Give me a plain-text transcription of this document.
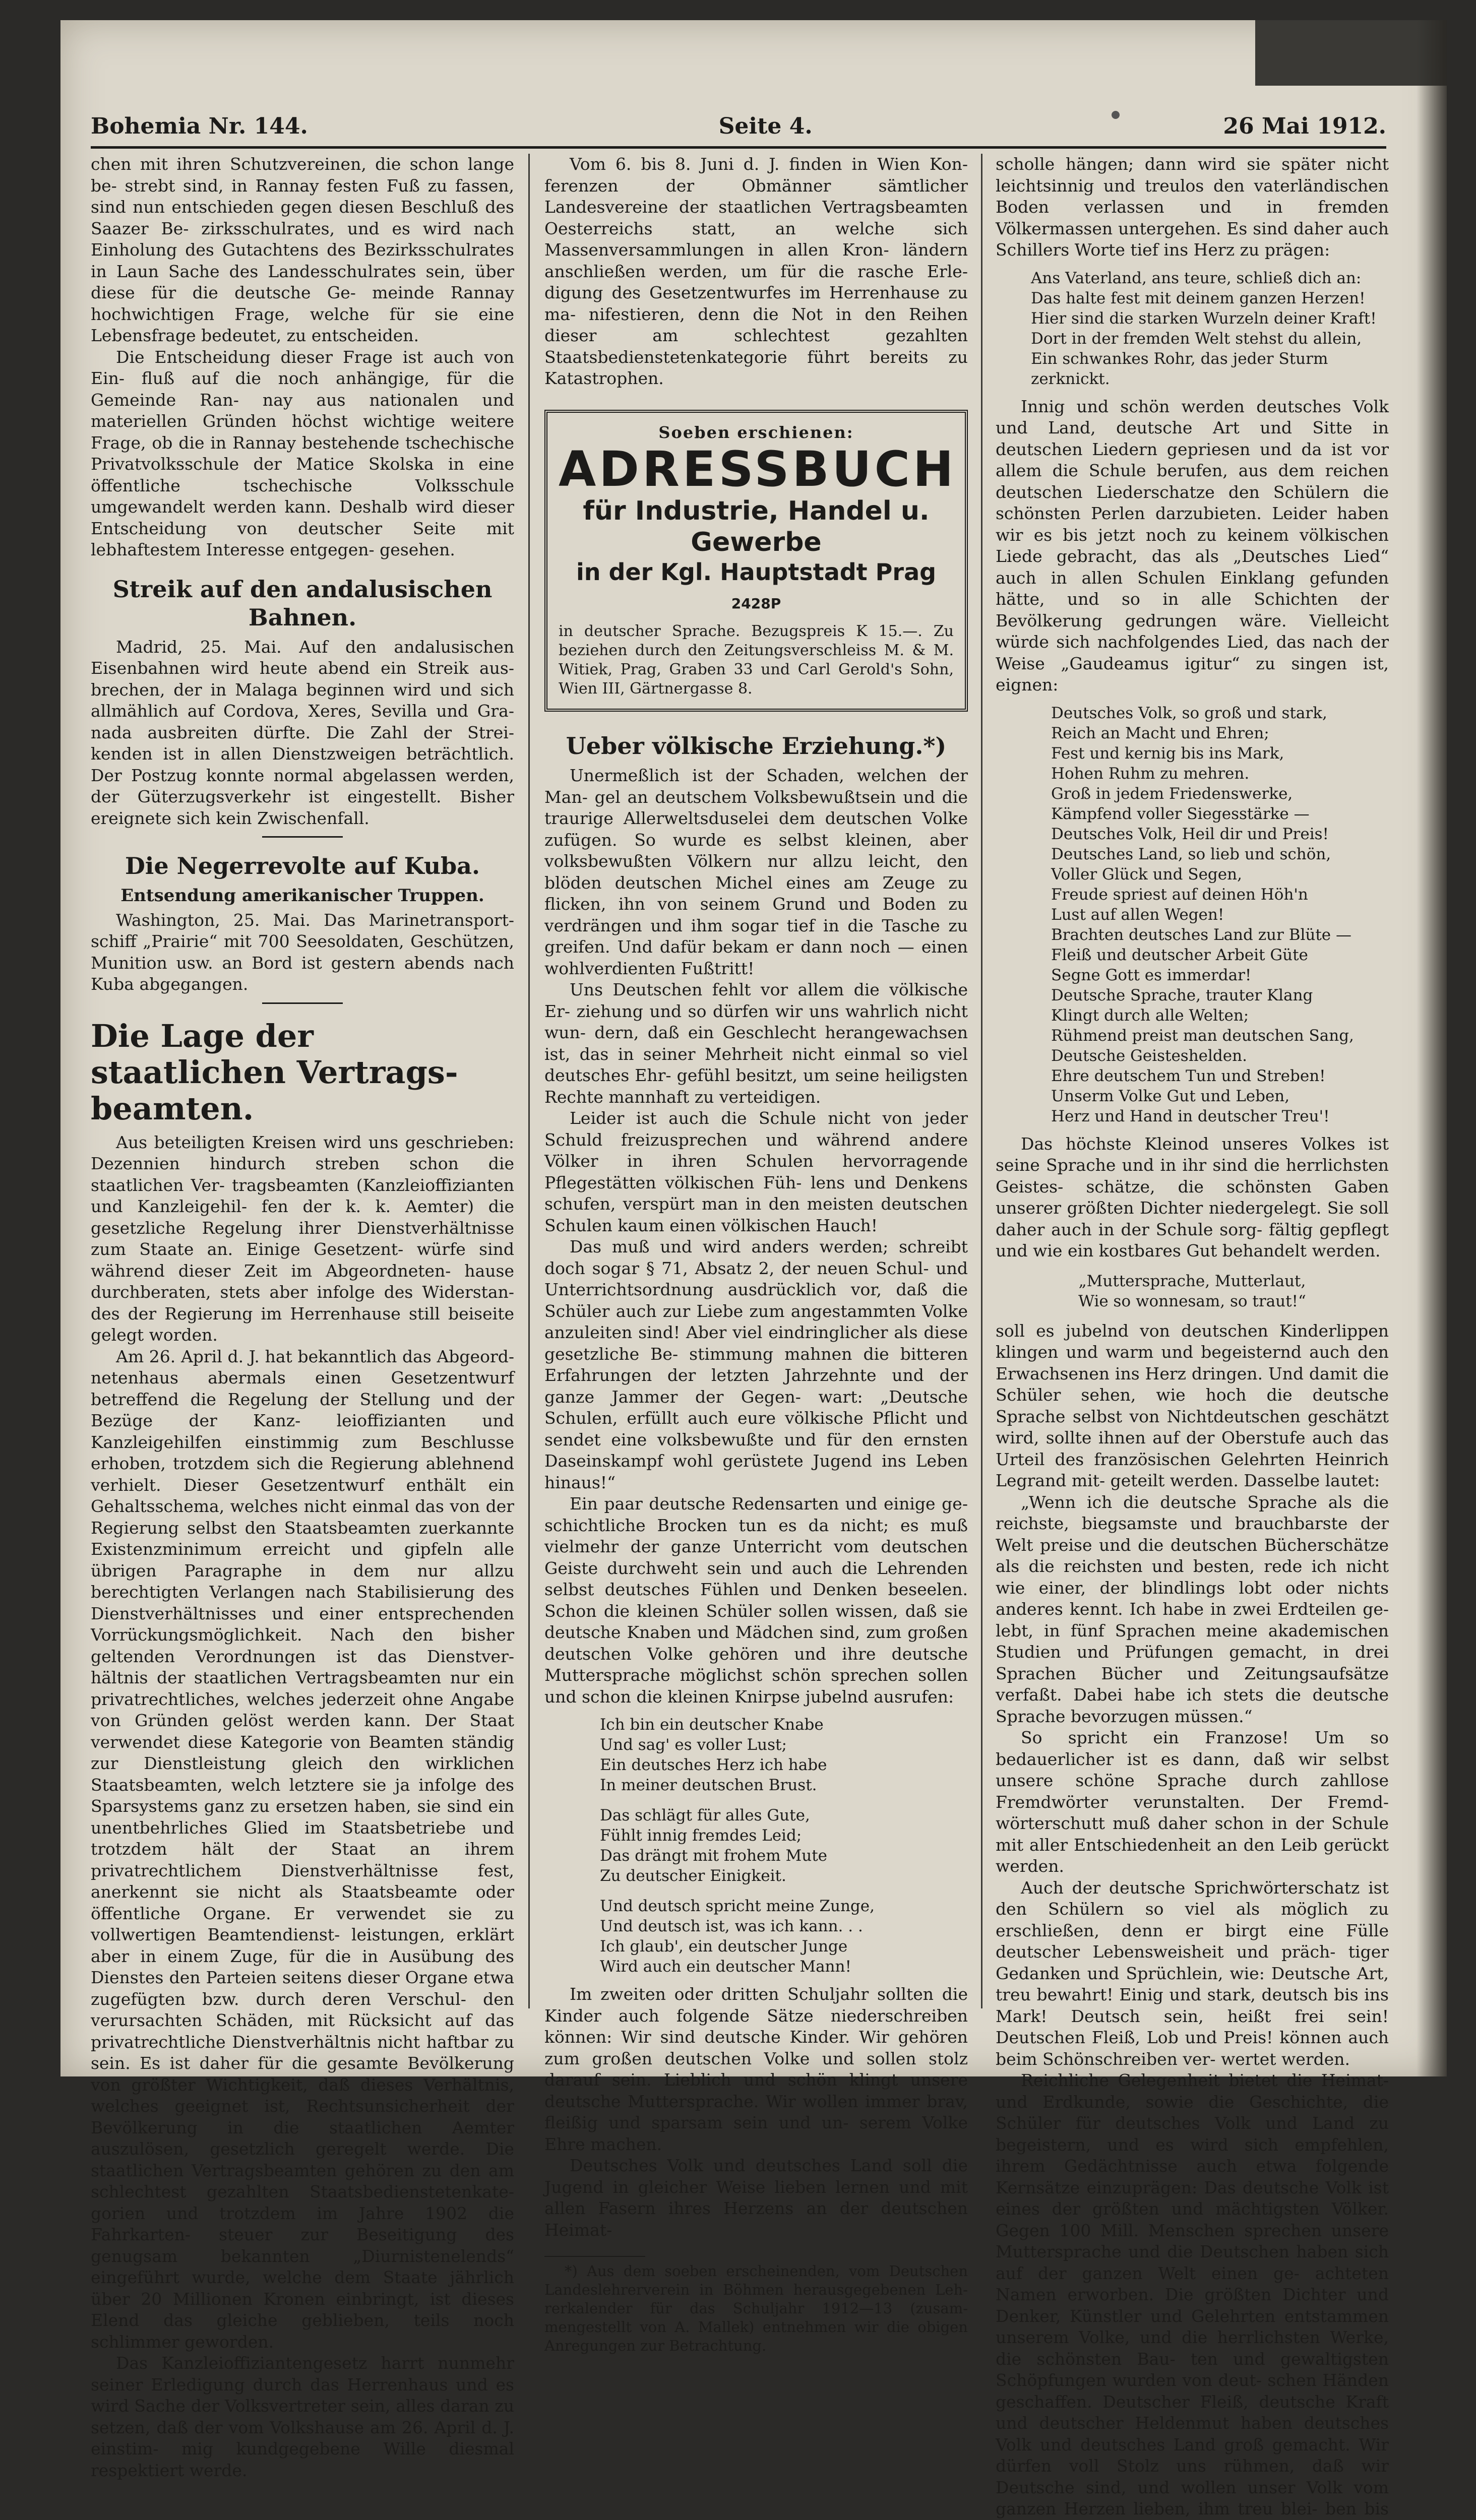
Bohemia Nr. 144.	Seite 4.	26 Mai 1912.

chen mit ihren Schutzvereinen, die schon lange be- strebt sind, in Rannay festen Fuß zu fassen, sind nun entschieden gegen diesen Beschluß des Saazer Be- zirksschulrates, und es wird nach Einholung des Gutachtens des Bezirksschulrates in Laun Sache des Landesschulrates sein, über diese für die deutsche Ge- meinde Rannay hochwichtigen Frage, welche für sie eine Lebensfrage bedeutet, zu entscheiden.

Die Entscheidung dieser Frage ist auch von Ein- fluß auf die noch anhängige, für die Gemeinde Ran- nay aus nationalen und materiellen Gründen höchst wichtige weitere Frage, ob die in Rannay bestehende tschechische Privatvolksschule der Matice Skolska in eine öffentliche tschechische Volksschule umgewandelt werden kann. Deshalb wird dieser Entscheidung von deutscher Seite mit lebhaftestem Interesse entgegen- gesehen.

Streik auf den andalusischen Bahnen.

Madrid, 25. Mai. Auf den andalusischen Eisenbahnen wird heute abend ein Streik aus- brechen, der in Malaga beginnen wird und sich allmählich auf Cordova, Xeres, Sevilla und Gra- nada ausbreiten dürfte. Die Zahl der Strei- kenden ist in allen Dienstzweigen beträchtlich. Der Postzug konnte normal abgelassen werden, der Güterzugsverkehr ist eingestellt. Bisher ereignete sich kein Zwischenfall.

Die Negerrevolte auf Kuba.
Entsendung amerikanischer Truppen.

Washington, 25. Mai. Das Marinetransport- schiff „Prairie“ mit 700 Seesoldaten, Geschützen, Munition usw. an Bord ist gestern abends nach Kuba abgegangen.

Die Lage der staatlichen Vertrags- beamten.

Aus beteiligten Kreisen wird uns geschrieben: Dezennien hindurch streben schon die staatlichen Ver- tragsbeamten (Kanzleioffizianten und Kanzleigehil- fen der k. k. Aemter) die gesetzliche Regelung ihrer Dienstverhältnisse zum Staate an. Einige Gesetzent- würfe sind während dieser Zeit im Abgeordneten- hause durchberaten, stets aber infolge des Widerstan- des der Regierung im Herrenhause still beiseite gelegt worden.

Am 26. April d. J. hat bekanntlich das Abgeord- netenhaus abermals einen Gesetzentwurf betreffend die Regelung der Stellung und der Bezüge der Kanz- leioffizianten und Kanzleigehilfen einstimmig zum Beschlusse erhoben, trotzdem sich die Regierung ablehnend verhielt. Dieser Gesetzentwurf enthält ein Gehaltsschema, welches nicht einmal das von der Regierung selbst den Staatsbeamten zuerkannte Existenzminimum erreicht und gipfeln alle übrigen Paragraphe in dem nur allzu berechtigten Verlangen nach Stabilisierung des Dienstverhältnisses und einer entsprechenden Vorrückungsmöglichkeit. Nach den bisher geltenden Verordnungen ist das Dienstver- hältnis der staatlichen Vertragsbeamten nur ein privatrechtliches, welches jederzeit ohne Angabe von Gründen gelöst werden kann. Der Staat verwendet diese Kategorie von Beamten ständig zur Dienstleistung gleich den wirklichen Staatsbeamten, welch letztere sie ja infolge des Sparsystems ganz zu ersetzen haben, sie sind ein unentbehrliches Glied im Staatsbetriebe und trotzdem hält der Staat an ihrem privatrechtlichem Dienstverhältnisse fest, anerkennt sie nicht als Staatsbeamte oder öffentliche Organe. Er verwendet sie zu vollwertigen Beamtendienst- leistungen, erklärt aber in einem Zuge, für die in Ausübung des Dienstes den Parteien seitens dieser Organe etwa zugefügten bzw. durch deren Verschul- den verursachten Schäden, mit Rücksicht auf das privatrechtliche Dienstverhältnis nicht haftbar zu sein. Es ist daher für die gesamte Bevölkerung von größter Wichtigkeit, daß dieses Verhältnis, welches geeignet ist, Rechtsunsicherheit der Bevölkerung in die staatlichen Aemter auszulösen, gesetzlich geregelt werde. Die staatlichen Vertragsbeamten gehören zu den am schlechtest gezahlten Staatsbedienstetenkate- gorien und trotzdem im Jahre 1902 die Fahrkarten- steuer zur Beseitigung des genugsam bekannten „Diurnistenelends“ eingeführt wurde, welche dem Staate jährlich über 20 Millionen Kronen einbringt, ist dieses Elend das gleiche geblieben, teils noch schlimmer geworden.

Das Kanzleioffiziantengesetz harrt nunmehr seiner Erledigung durch das Herrenhaus und es wird Sache der Volksvertreter sein, alles daran zu setzen, daß der vom Volkshause am 26. April d. J. einstim- mig kundgegebene Wille diesmal respektiert werde.

Vom 6. bis 8. Juni d. J. finden in Wien Kon- ferenzen der Obmänner sämtlicher Landesvereine der staatlichen Vertragsbeamten Oesterreichs statt, an welche sich Massenversammlungen in allen Kron- ländern anschließen werden, um für die rasche Erle- digung des Gesetzentwurfes im Herrenhause zu ma- nifestieren, denn die Not in den Reihen dieser am schlechtest gezahlten Staatsbedienstetenkategorie führt bereits zu Katastrophen.

Soeben erschienen:
ADRESSBUCH
für Industrie, Handel u. Gewerbe
in der Kgl. Hauptstadt Prag 2428P

in deutscher Sprache. Bezugspreis K 15.—. Zu beziehen durch den Zeitungsverschleiss M. & M. Witiek, Prag, Graben 33 und Carl Gerold's Sohn, Wien III, Gärtnergasse 8.

Ueber völkische Erziehung.*)

Unermeßlich ist der Schaden, welchen der Man- gel an deutschem Volksbewußtsein und die traurige Allerweltsduselei dem deutschen Volke zufügen. So wurde es selbst kleinen, aber volksbewußten Völkern nur allzu leicht, den blöden deutschen Michel eines am Zeuge zu flicken, ihn von seinem Grund und Boden zu verdrängen und ihm sogar tief in die Tasche zu greifen. Und dafür bekam er dann noch — einen wohlverdienten Fußtritt!

Uns Deutschen fehlt vor allem die völkische Er- ziehung und so dürfen wir uns wahrlich nicht wun- dern, daß ein Geschlecht herangewachsen ist, das in seiner Mehrheit nicht einmal so viel deutsches Ehr- gefühl besitzt, um seine heiligsten Rechte mannhaft zu verteidigen.

Leider ist auch die Schule nicht von jeder Schuld freizusprechen und während andere Völker in ihren Schulen hervorragende Pflegestätten völkischen Füh- lens und Denkens schufen, verspürt man in den meisten deutschen Schulen kaum einen völkischen Hauch!

Das muß und wird anders werden; schreibt doch sogar § 71, Absatz 2, der neuen Schul- und Unterrichtsordnung ausdrücklich vor, daß die Schüler auch zur Liebe zum angestammten Volke anzuleiten sind! Aber viel eindringlicher als diese gesetzliche Be- stimmung mahnen die bitteren Erfahrungen der letzten Jahrzehnte und der ganze Jammer der Gegen- wart: „Deutsche Schulen, erfüllt auch eure völkische Pflicht und sendet eine volksbewußte und für den ernsten Daseinskampf wohl gerüstete Jugend ins Leben hinaus!“

Ein paar deutsche Redensarten und einige ge- schichtliche Brocken tun es da nicht; es muß vielmehr der ganze Unterricht vom deutschen Geiste durchweht sein und auch die Lehrenden selbst deutsches Fühlen und Denken beseelen. Schon die kleinen Schüler sollen wissen, daß sie deutsche Knaben und Mädchen sind, zum großen deutschen Volke gehören und ihre deutsche Muttersprache möglichst schön sprechen sollen und schon die kleinen Knirpse jubelnd ausrufen:

Ich bin ein deutscher Knabe
Und sag' es voller Lust;
Ein deutsches Herz ich habe
In meiner deutschen Brust.
Das schlägt für alles Gute,
Fühlt innig fremdes Leid;
Das drängt mit frohem Mute
Zu deutscher Einigkeit.
Und deutsch spricht meine Zunge,
Und deutsch ist, was ich kann. . .
Ich glaub', ein deutscher Junge
Wird auch ein deutscher Mann!

Im zweiten oder dritten Schuljahr sollten die Kinder auch folgende Sätze niederschreiben können: Wir sind deutsche Kinder. Wir gehören zum großen deutschen Volke und sollen stolz darauf sein. Lieblich und schön klingt unsere deutsche Muttersprache. Wir wollen immer brav, fleißig und sparsam sein und un- serem Volke Ehre machen.

Deutsches Volk und deutsches Land soll die Jugend in gleicher Weise lieben lernen und mit allen Fasern ihres Herzens an der deutschen Heimat-

*) Aus dem soeben erscheinenden, vom Deutschen Landeslehrerverein in Böhmen herausgegebenen Leh- rerkalender für das Schuljahr 1912—13 (zusam- mengestellt von A. Mallek) entnehmen wir die obigen Anregungen zur Betrachtung.

scholle hängen; dann wird sie später nicht leichtsinnig und treulos den vaterländischen Boden verlassen und in fremden Völkermassen untergehen. Es sind daher auch Schillers Worte tief ins Herz zu prägen:

Ans Vaterland, ans teure, schließ dich an:
Das halte fest mit deinem ganzen Herzen!
Hier sind die starken Wurzeln deiner Kraft!
Dort in der fremden Welt stehst du allein,
Ein schwankes Rohr, das jeder Sturm zerknickt.

Innig und schön werden deutsches Volk und Land, deutsche Art und Sitte in deutschen Liedern gepriesen und da ist vor allem die Schule berufen, aus dem reichen deutschen Liederschatze den Schülern die schönsten Perlen darzubieten. Leider haben wir es bis jetzt noch zu keinem völkischen Liede gebracht, das als „Deutsches Lied“ auch in allen Schulen Einklang gefunden hätte, und so in alle Schichten der Bevölkerung gedrungen wäre. Vielleicht würde sich nachfolgendes Lied, das nach der Weise „Gaudeamus igitur“ zu singen ist, eignen:

Deutsches Volk, so groß und stark,
Reich an Macht und Ehren;
Fest und kernig bis ins Mark,
Hohen Ruhm zu mehren.
Groß in jedem Friedenswerke,
Kämpfend voller Siegesstärke —
Deutsches Volk, Heil dir und Preis!
Deutsches Land, so lieb und schön,
Voller Glück und Segen,
Freude spriest auf deinen Höh'n
Lust auf allen Wegen!
Brachten deutsches Land zur Blüte —
Fleiß und deutscher Arbeit Güte
Segne Gott es immerdar!
Deutsche Sprache, trauter Klang
Klingt durch alle Welten;
Rühmend preist man deutschen Sang,
Deutsche Geisteshelden.
Ehre deutschem Tun und Streben!
Unserm Volke Gut und Leben,
Herz und Hand in deutscher Treu'!

Das höchste Kleinod unseres Volkes ist seine Sprache und in ihr sind die herrlichsten Geistes- schätze, die schönsten Gaben unserer größten Dichter niedergelegt. Sie soll daher auch in der Schule sorg- fältig gepflegt und wie ein kostbares Gut behandelt werden.

„Muttersprache, Mutterlaut,
Wie so wonnesam, so traut!“

soll es jubelnd von deutschen Kinderlippen klingen und warm und begeisternd auch den Erwachsenen ins Herz dringen. Und damit die Schüler sehen, wie hoch die deutsche Sprache selbst von Nichtdeutschen geschätzt wird, sollte ihnen auf der Oberstufe auch das Urteil des französischen Gelehrten Heinrich Legrand mit- geteilt werden. Dasselbe lautet:

„Wenn ich die deutsche Sprache als die reichste, biegsamste und brauchbarste der Welt preise und die deutschen Bücherschätze als die reichsten und besten, rede ich nicht wie einer, der blindlings lobt oder nichts anderes kennt. Ich habe in zwei Erdteilen ge- lebt, in fünf Sprachen meine akademischen Studien und Prüfungen gemacht, in drei Sprachen Bücher und Zeitungsaufsätze verfaßt. Dabei habe ich stets die deutsche Sprache bevorzugen müssen.“

So spricht ein Franzose! Um so bedauerlicher ist es dann, daß wir selbst unsere schöne Sprache durch zahllose Fremdwörter verunstalten. Der Fremd- wörterschutt muß daher schon in der Schule mit aller Entschiedenheit an den Leib gerückt werden.

Auch der deutsche Sprichwörterschatz ist den Schülern so viel als möglich zu erschließen, denn er birgt eine Fülle deutscher Lebensweisheit und präch- tiger Gedanken und Sprüchlein, wie: Deutsche Art, treu bewahrt! Einig und stark, deutsch bis ins Mark! Deutsch sein, heißt frei sein! Deutschen Fleiß, Lob und Preis! können auch beim Schönschreiben ver- wertet werden.

Reichliche Gelegenheit bietet die Heimat- und Erdkunde, sowie die Geschichte, die Schüler für deutsches Volk und Land zu begeistern, und es wird sich empfehlen, ihrem Gedächtnisse auch etwa folgende Kernsätze einzuprägen: Das deutsche Volk ist eines der größten und mächtigsten Völker. Gegen 100 Mill. Menschen sprechen unsere Muttersprache und die Deutschen haben sich auf der ganzen Welt einen ge- achteten Namen erworben. Die größten Dichter und Denker, Künstler und Gelehrten entstammen unserem Volke, und die herrlichsten Werke, die schönsten Bau- ten und gewaltigsten Schöpfungen wurden von deut- schen Händen geschaffen. Deutscher Fleiß, deutsche Kraft und deutscher Heldenmut haben deutsches Volk und deutsches Land groß gemacht. Wir dürfen voll Stolz uns rühmen, daß wir Deutsche sind, und wollen unser Volk vom ganzen Herzen lieben, ihm treu blei- ben bis
